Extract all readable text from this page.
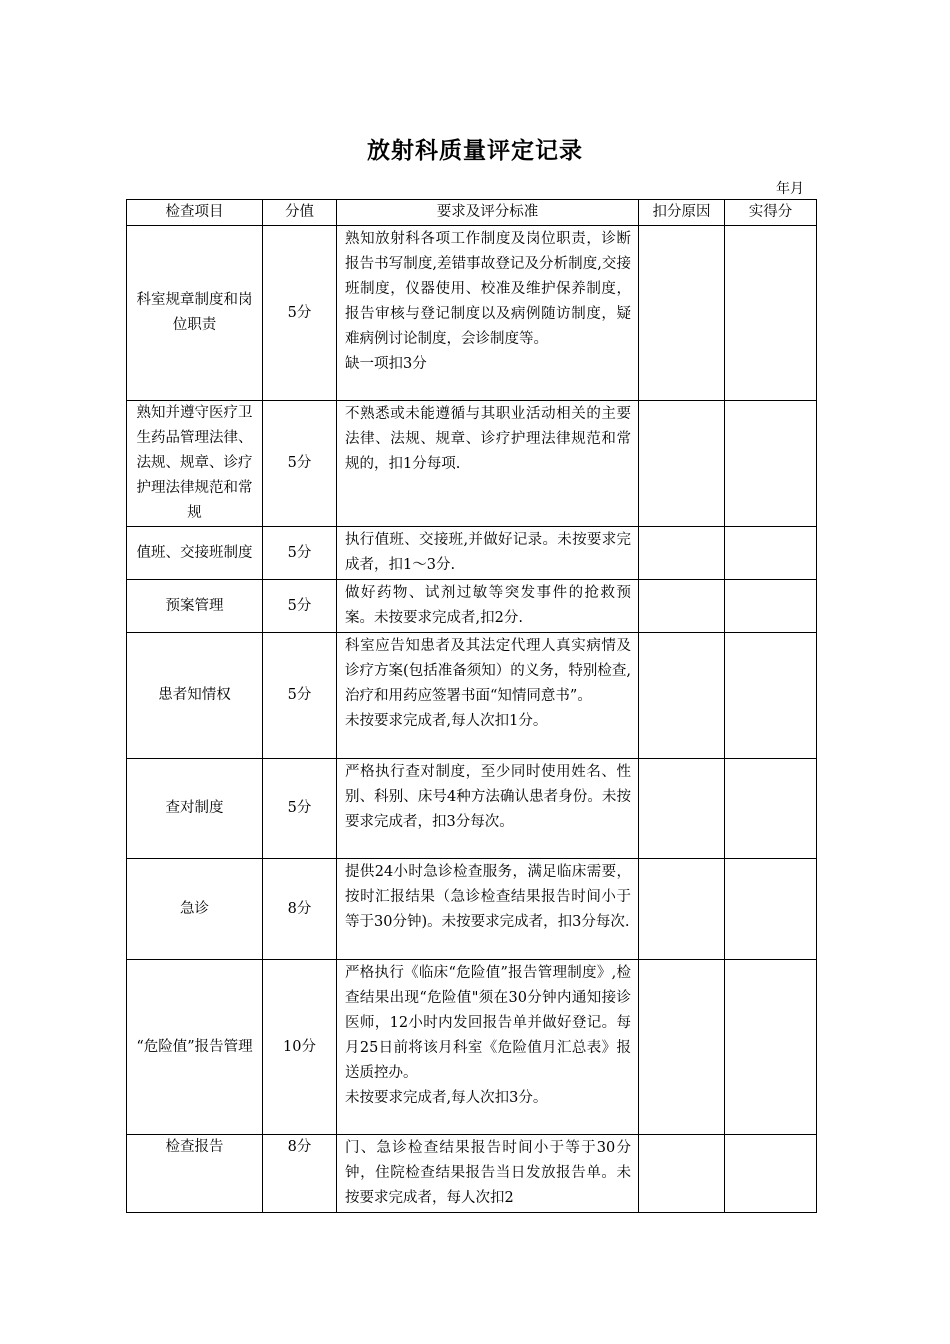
放射科质量评定记录
年月
检查项目	分值	要求及评分标准	扣分原因	实得分
科室规章制度和岗位职责	5分	熟知放射科各项工作制度及岗位职责，诊断报告书写制度,差错事故登记及分析制度,交接班制度，仪器使用、校准及维护保养制度，报告审核与登记制度以及病例随访制度，疑难病例讨论制度，会诊制度等。
缺一项扣3分		

熟知并遵守医疗卫生药品管理法律、法规、规章、诊疗护理法律规范和常规	5分	不熟悉或未能遵循与其职业活动相关的主要法律、法规、规章、诊疗护理法律规范和常规的，扣1分每项.		

值班、交接班制度	5分	执行值班、交接班,并做好记录。未按要求完成者，扣1～3分.		

预案管理	5分	做好药物、试剂过敏等突发事件的抢救预案。未按要求完成者,扣2分.		

患者知情权	5分	科室应告知患者及其法定代理人真实病情及诊疗方案(包括准备须知）的义务，特别检查,治疗和用药应签署书面“知情同意书”。
未按要求完成者,每人次扣1分。		

查对制度	5分	严格执行查对制度，至少同时使用姓名、性别、科别、床号4种方法确认患者身份。未按要求完成者，扣3分每次。		

急诊	8分	提供24小时急诊检查服务，满足临床需要，按时汇报结果（急诊检查结果报告时间小于等于30分钟)。未按要求完成者，扣3分每次.		

“危险值”报告管理	10分	严格执行《临床“危险值”报告管理制度》,检查结果出现“危险值"须在30分钟内通知接诊医师，12小时内发回报告单并做好登记。每月25日前将该月科室《危险值月汇总表》报送质控办。
未按要求完成者,每人次扣3分。		

检查报告	8分	门、急诊检查结果报告时间小于等于30分钟，住院检查结果报告当日发放报告单。未按要求完成者，每人次扣2		
